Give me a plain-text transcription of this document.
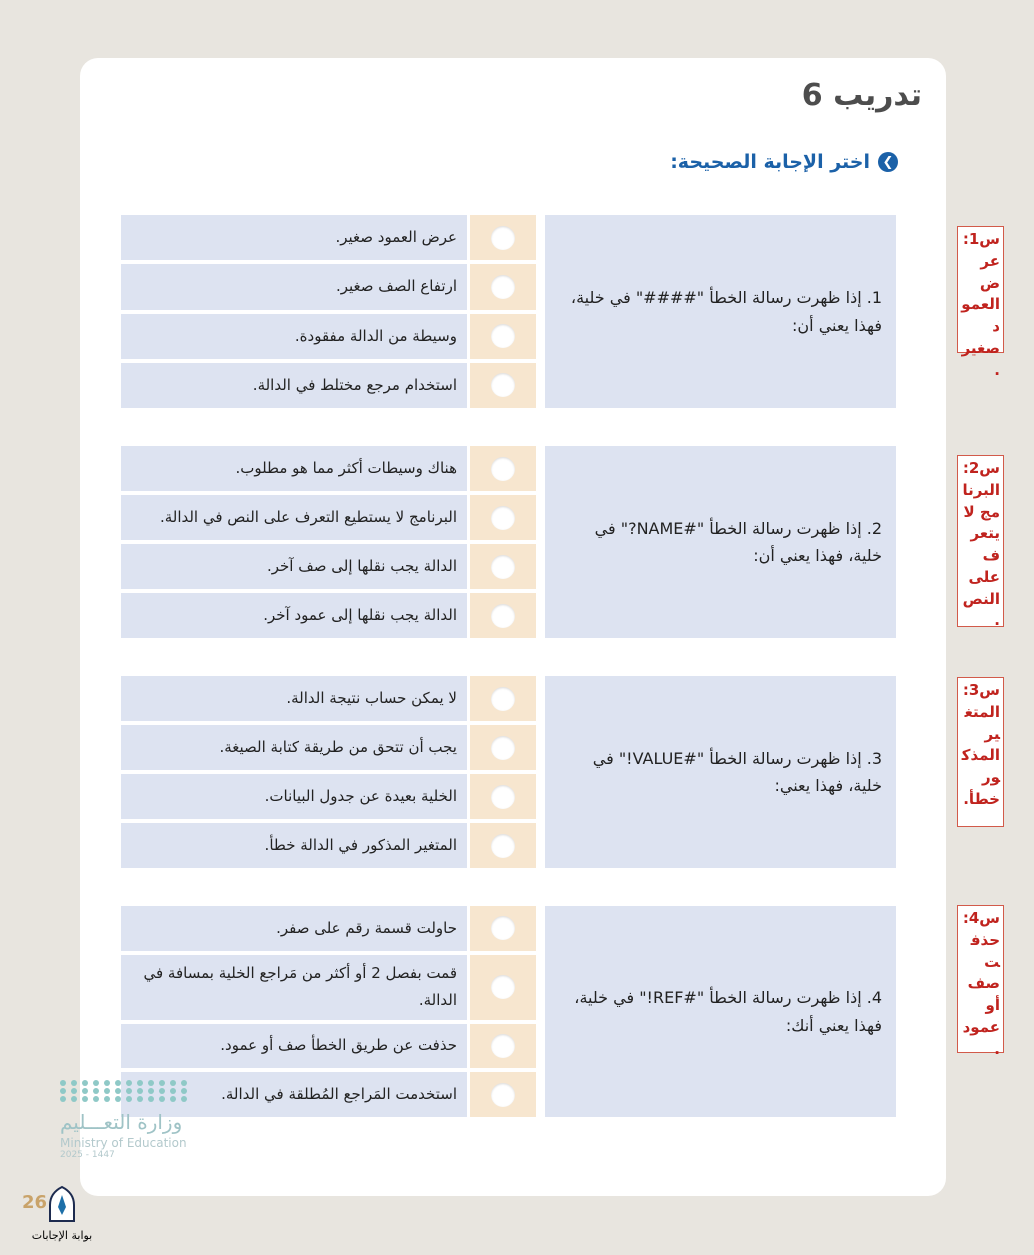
تدريب 6
❯
اختر الإجابة الصحيحة:
عرض العمود صغير.
ارتفاع الصف صغير.
وسيطة من الدالة مفقودة.
استخدام مرجع مختلط في الدالة.
1. إذا ظهرت رسالة الخطأ "####" في خلية، فهذا يعني أن:
هناك وسيطات أكثر مما هو مطلوب.
البرنامج لا يستطيع التعرف على النص في الدالة.
الدالة يجب نقلها إلى صف آخر.
الدالة يجب نقلها إلى عمود آخر.
2. إذا ظهرت رسالة الخطأ "#NAME?" في خلية، فهذا يعني أن:
لا يمكن حساب نتيجة الدالة.
يجب أن تتحق من طريقة كتابة الصيغة.
الخلية بعيدة عن جدول البيانات.
المتغير المذكور في الدالة خطأ.
3. إذا ظهرت رسالة الخطأ "#VALUE!" في خلية، فهذا يعني:
حاولت قسمة رقم على صفر.
قمت بفصل 2 أو أكثر من مَراجع الخلية بمسافة في الدالة.
حذفت عن طريق الخطأ صف أو عمود.
استخدمت المَراجع المُطلقة في الدالة.
4. إذا ظهرت رسالة الخطأ "#REF!" في خلية، فهذا يعني أنك:
س1: عرض العمود صغير.
س2: البرنامج لا يتعرف على النص.
س3: المتغير المذكور خطأ.
س4: حذفت صف أو عمود.
وزارة التعـــليم
Ministry of Education
2025 - 1447
26
بوابة الإجابات
